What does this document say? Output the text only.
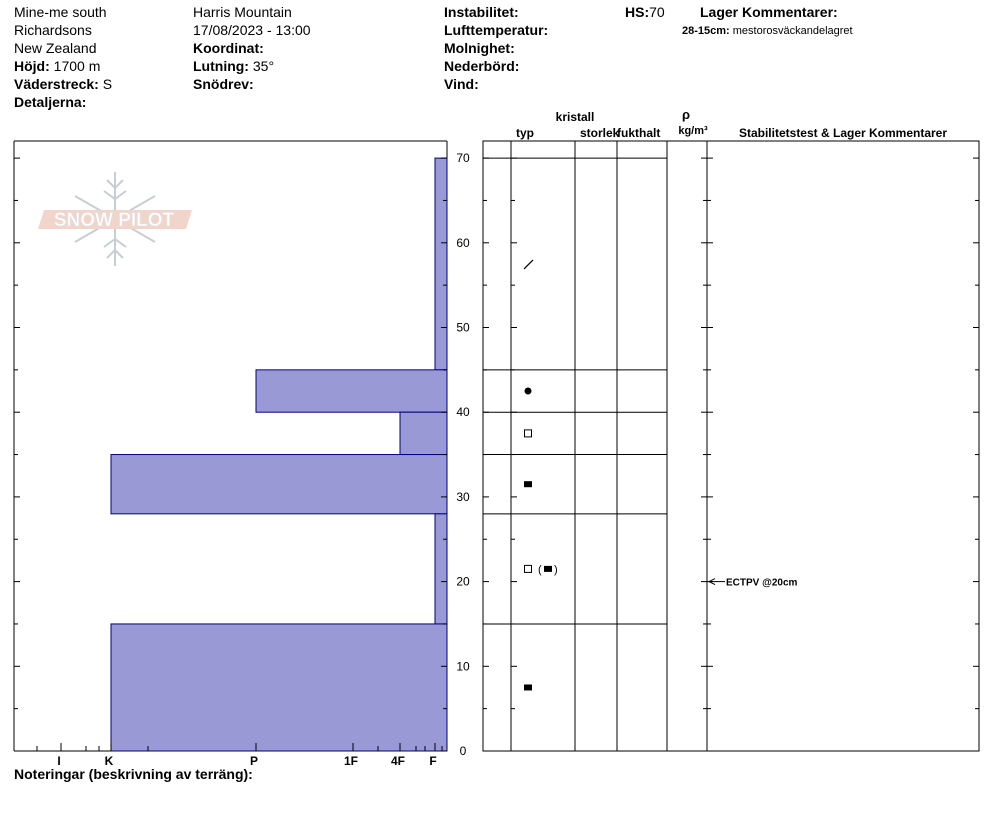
Mine-me south
Richardsons
New Zealand
Höjd: 1700 m
Väderstreck: S
Detaljerna:
Harris Mountain
17/08/2023 - 13:00
Koordinat:
Lutning: 35°
Snödrev:
Instabilitet:
Lufttemperatur:
Molnighet:
Nederbörd:
Vind:
HS:70	Lager Kommentarer:
28-15cm: mestorosväckandelagret
SNOW PILOT
I	K	P	1F	4F F
0
10
20
30
40
50
60
70
( )
ECTPV @20cm
kristall
typ	storlek
fukthalt
ρ
kg/m³	Stabilitetstest & Lager Kommentarer
Noteringar (beskrivning av terräng):
